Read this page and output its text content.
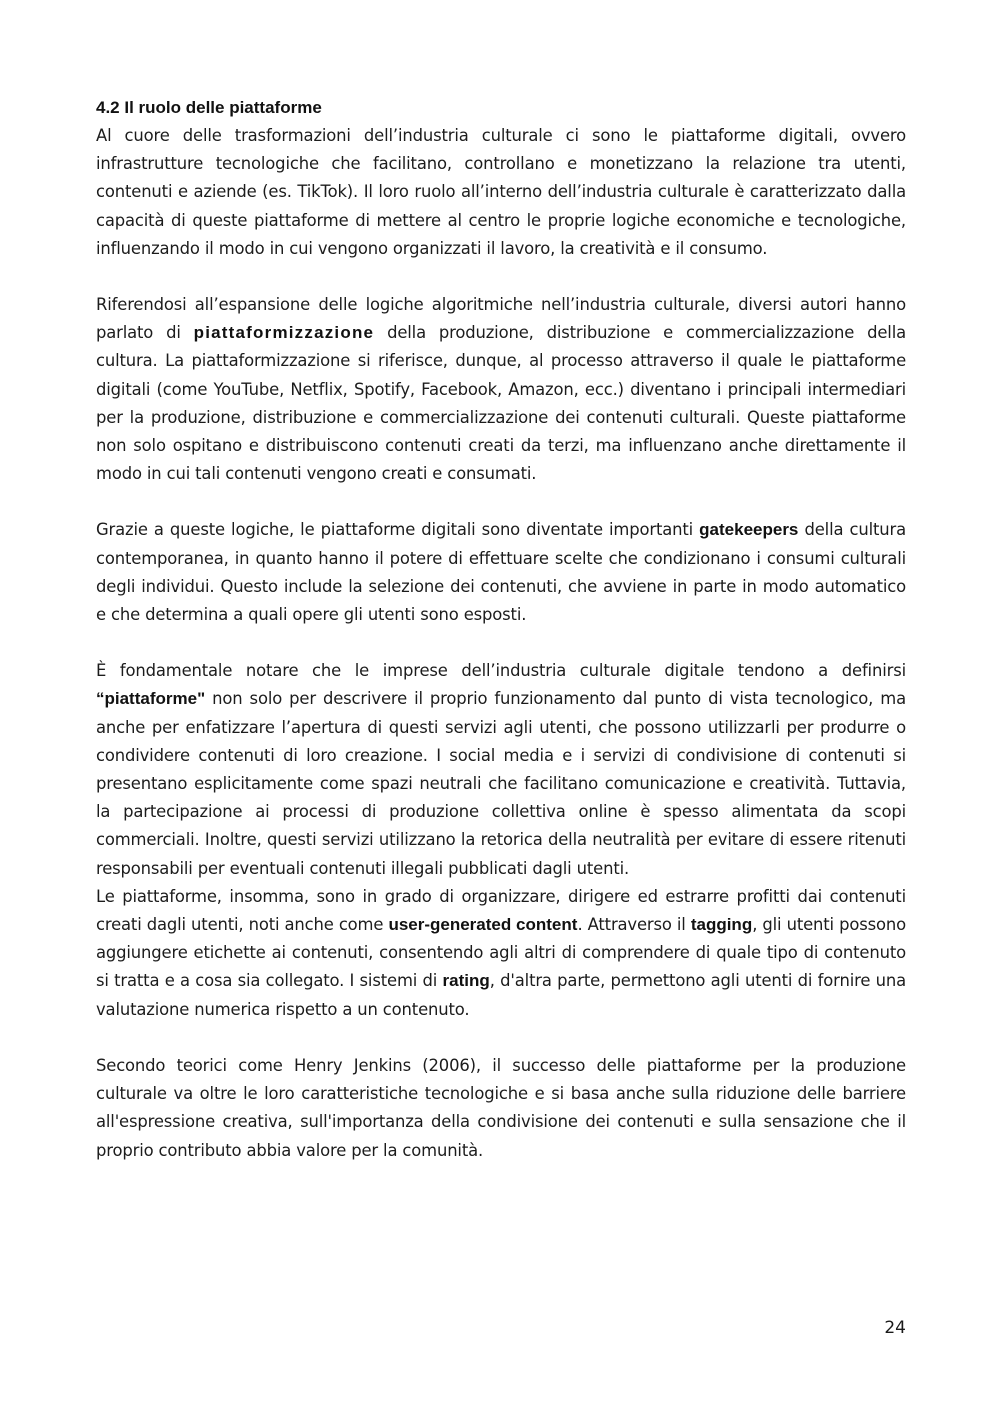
4.2 Il ruolo delle piattaforme

Al cuore delle trasformazioni dell’industria culturale ci sono le piattaforme digitali, ovvero infrastrutture tecnologiche che facilitano, controllano e monetizzano la relazione tra utenti, contenuti e aziende (es. TikTok). Il loro ruolo all’interno dell’industria culturale è caratterizzato dalla capacità di queste piattaforme di mettere al centro le proprie logiche economiche e tecnologiche, influenzando il modo in cui vengono organizzati il lavoro, la creatività e il consumo.

Riferendosi all’espansione delle logiche algoritmiche nell’industria culturale, diversi autori hanno parlato di piattaformizzazione della produzione, distribuzione e commercializzazione della cultura. La piattaformizzazione si riferisce, dunque, al processo attraverso il quale le piattaforme digitali (come YouTube, Netflix, Spotify, Facebook, Amazon, ecc.) diventano i principali intermediari per la produzione, distribuzione e commercializzazione dei contenuti culturali. Queste piattaforme non solo ospitano e distribuiscono contenuti creati da terzi, ma influenzano anche direttamente il modo in cui tali contenuti vengono creati e consumati.

Grazie a queste logiche, le piattaforme digitali sono diventate importanti gatekeepers della cultura contemporanea, in quanto hanno il potere di effettuare scelte che condizionano i consumi culturali degli individui. Questo include la selezione dei contenuti, che avviene in parte in modo automatico e che determina a quali opere gli utenti sono esposti.

È fondamentale notare che le imprese dell’industria culturale digitale tendono a definirsi “piattaforme" non solo per descrivere il proprio funzionamento dal punto di vista tecnologico, ma anche per enfatizzare l’apertura di questi servizi agli utenti, che possono utilizzarli per produrre o condividere contenuti di loro creazione. I social media e i servizi di condivisione di contenuti si presentano esplicitamente come spazi neutrali che facilitano comunicazione e creatività. Tuttavia, la partecipazione ai processi di produzione collettiva online è spesso alimentata da scopi commerciali. Inoltre, questi servizi utilizzano la retorica della neutralità per evitare di essere ritenuti responsabili per eventuali contenuti illegali pubblicati dagli utenti.

Le piattaforme, insomma, sono in grado di organizzare, dirigere ed estrarre profitti dai contenuti creati dagli utenti, noti anche come user-generated content. Attraverso il tagging, gli utenti possono aggiungere etichette ai contenuti, consentendo agli altri di comprendere di quale tipo di contenuto si tratta e a cosa sia collegato. I sistemi di rating, d'altra parte, permettono agli utenti di fornire una valutazione numerica rispetto a un contenuto.

Secondo teorici come Henry Jenkins (2006), il successo delle piattaforme per la produzione culturale va oltre le loro caratteristiche tecnologiche e si basa anche sulla riduzione delle barriere all'espressione creativa, sull'importanza della condivisione dei contenuti e sulla sensazione che il proprio contributo abbia valore per la comunità.

24
